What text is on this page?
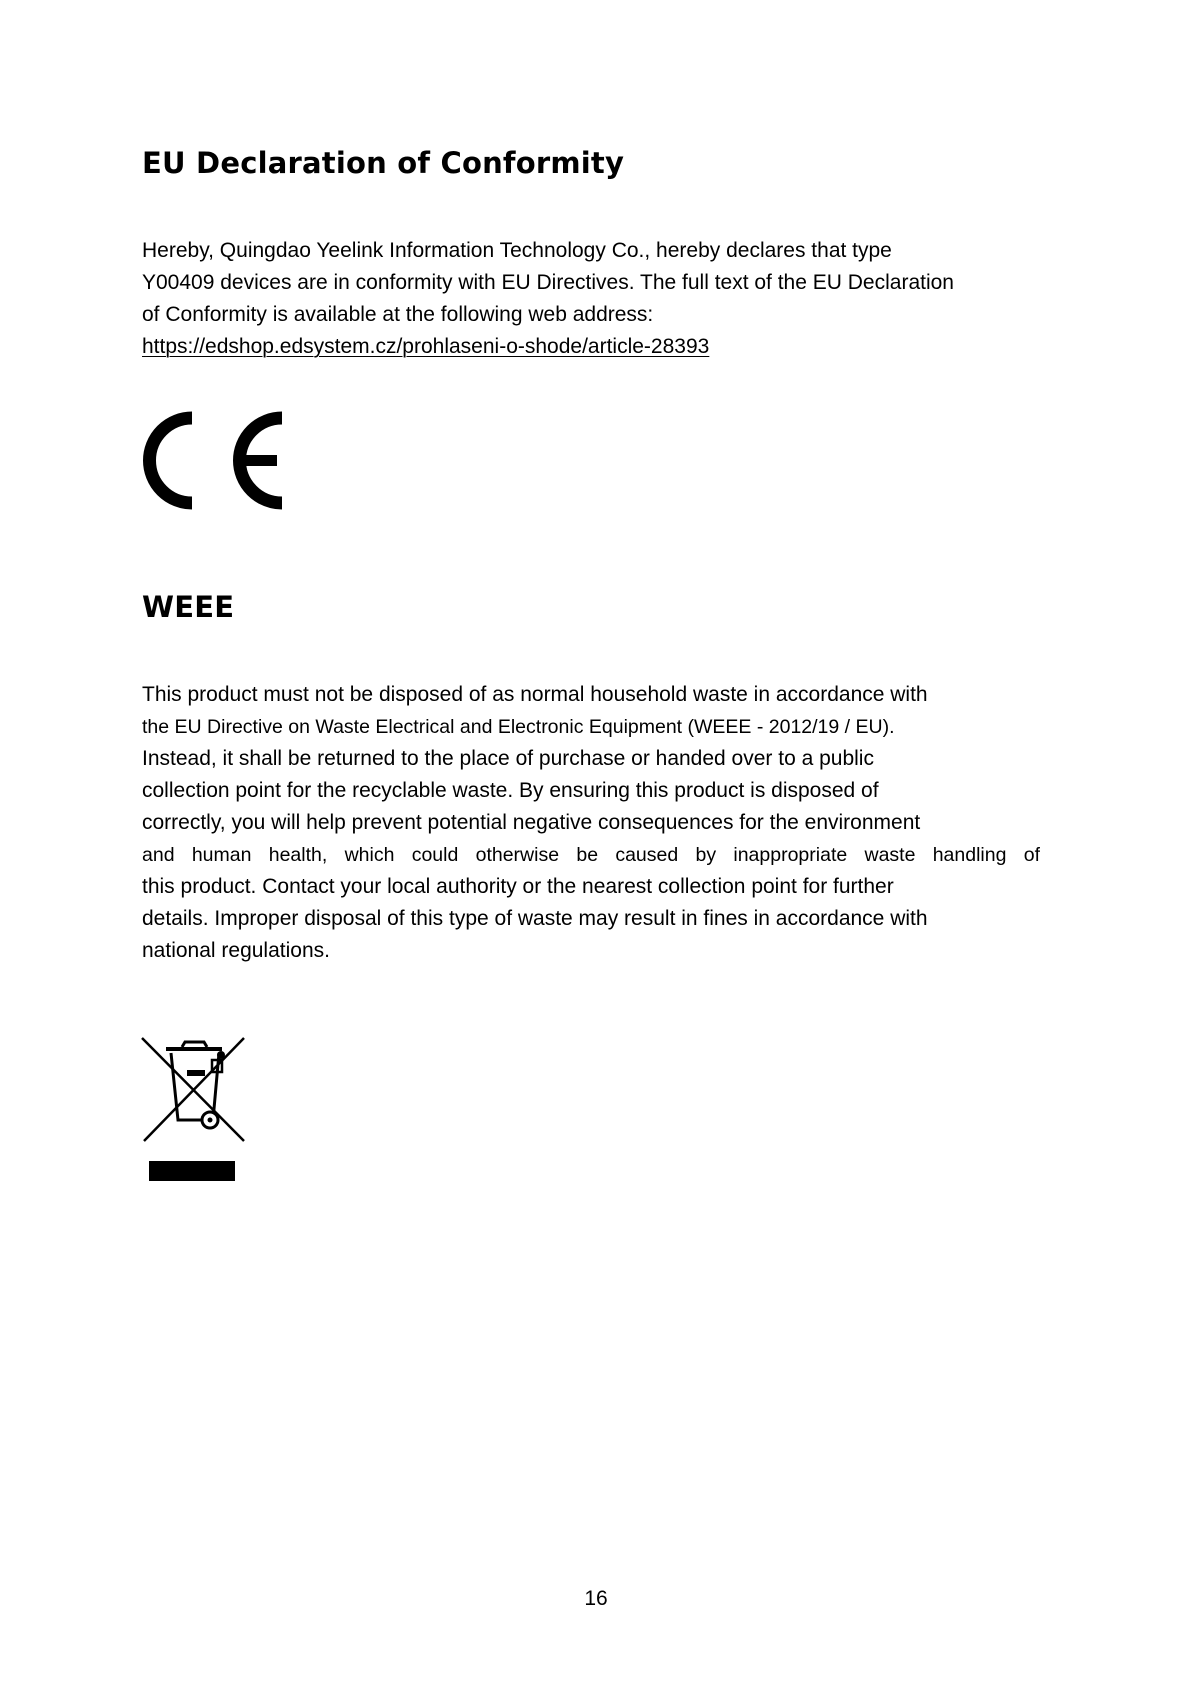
EU Declaration of Conformity
Hereby, Quingdao Yeelink Information Technology Co., hereby declares that type
Y00409 devices are in conformity with EU Directives. The full text of the EU Declaration
of Conformity is available at the following web address:
https://edshop.edsystem.cz/prohlaseni-o-shode/article-28393
WEEE
This product must not be disposed of as normal household waste in accordance with
the EU Directive on Waste Electrical and Electronic Equipment (WEEE - 2012/19 / EU).
Instead, it shall be returned to the place of purchase or handed over to a public
collection point for the recyclable waste. By ensuring this product is disposed of
correctly, you will help prevent potential negative consequences for the environment
and human health, which could otherwise be caused by inappropriate waste handling of
this product. Contact your local authority or the nearest collection point for further
details. Improper disposal of this type of waste may result in fines in accordance with
national regulations.
16
